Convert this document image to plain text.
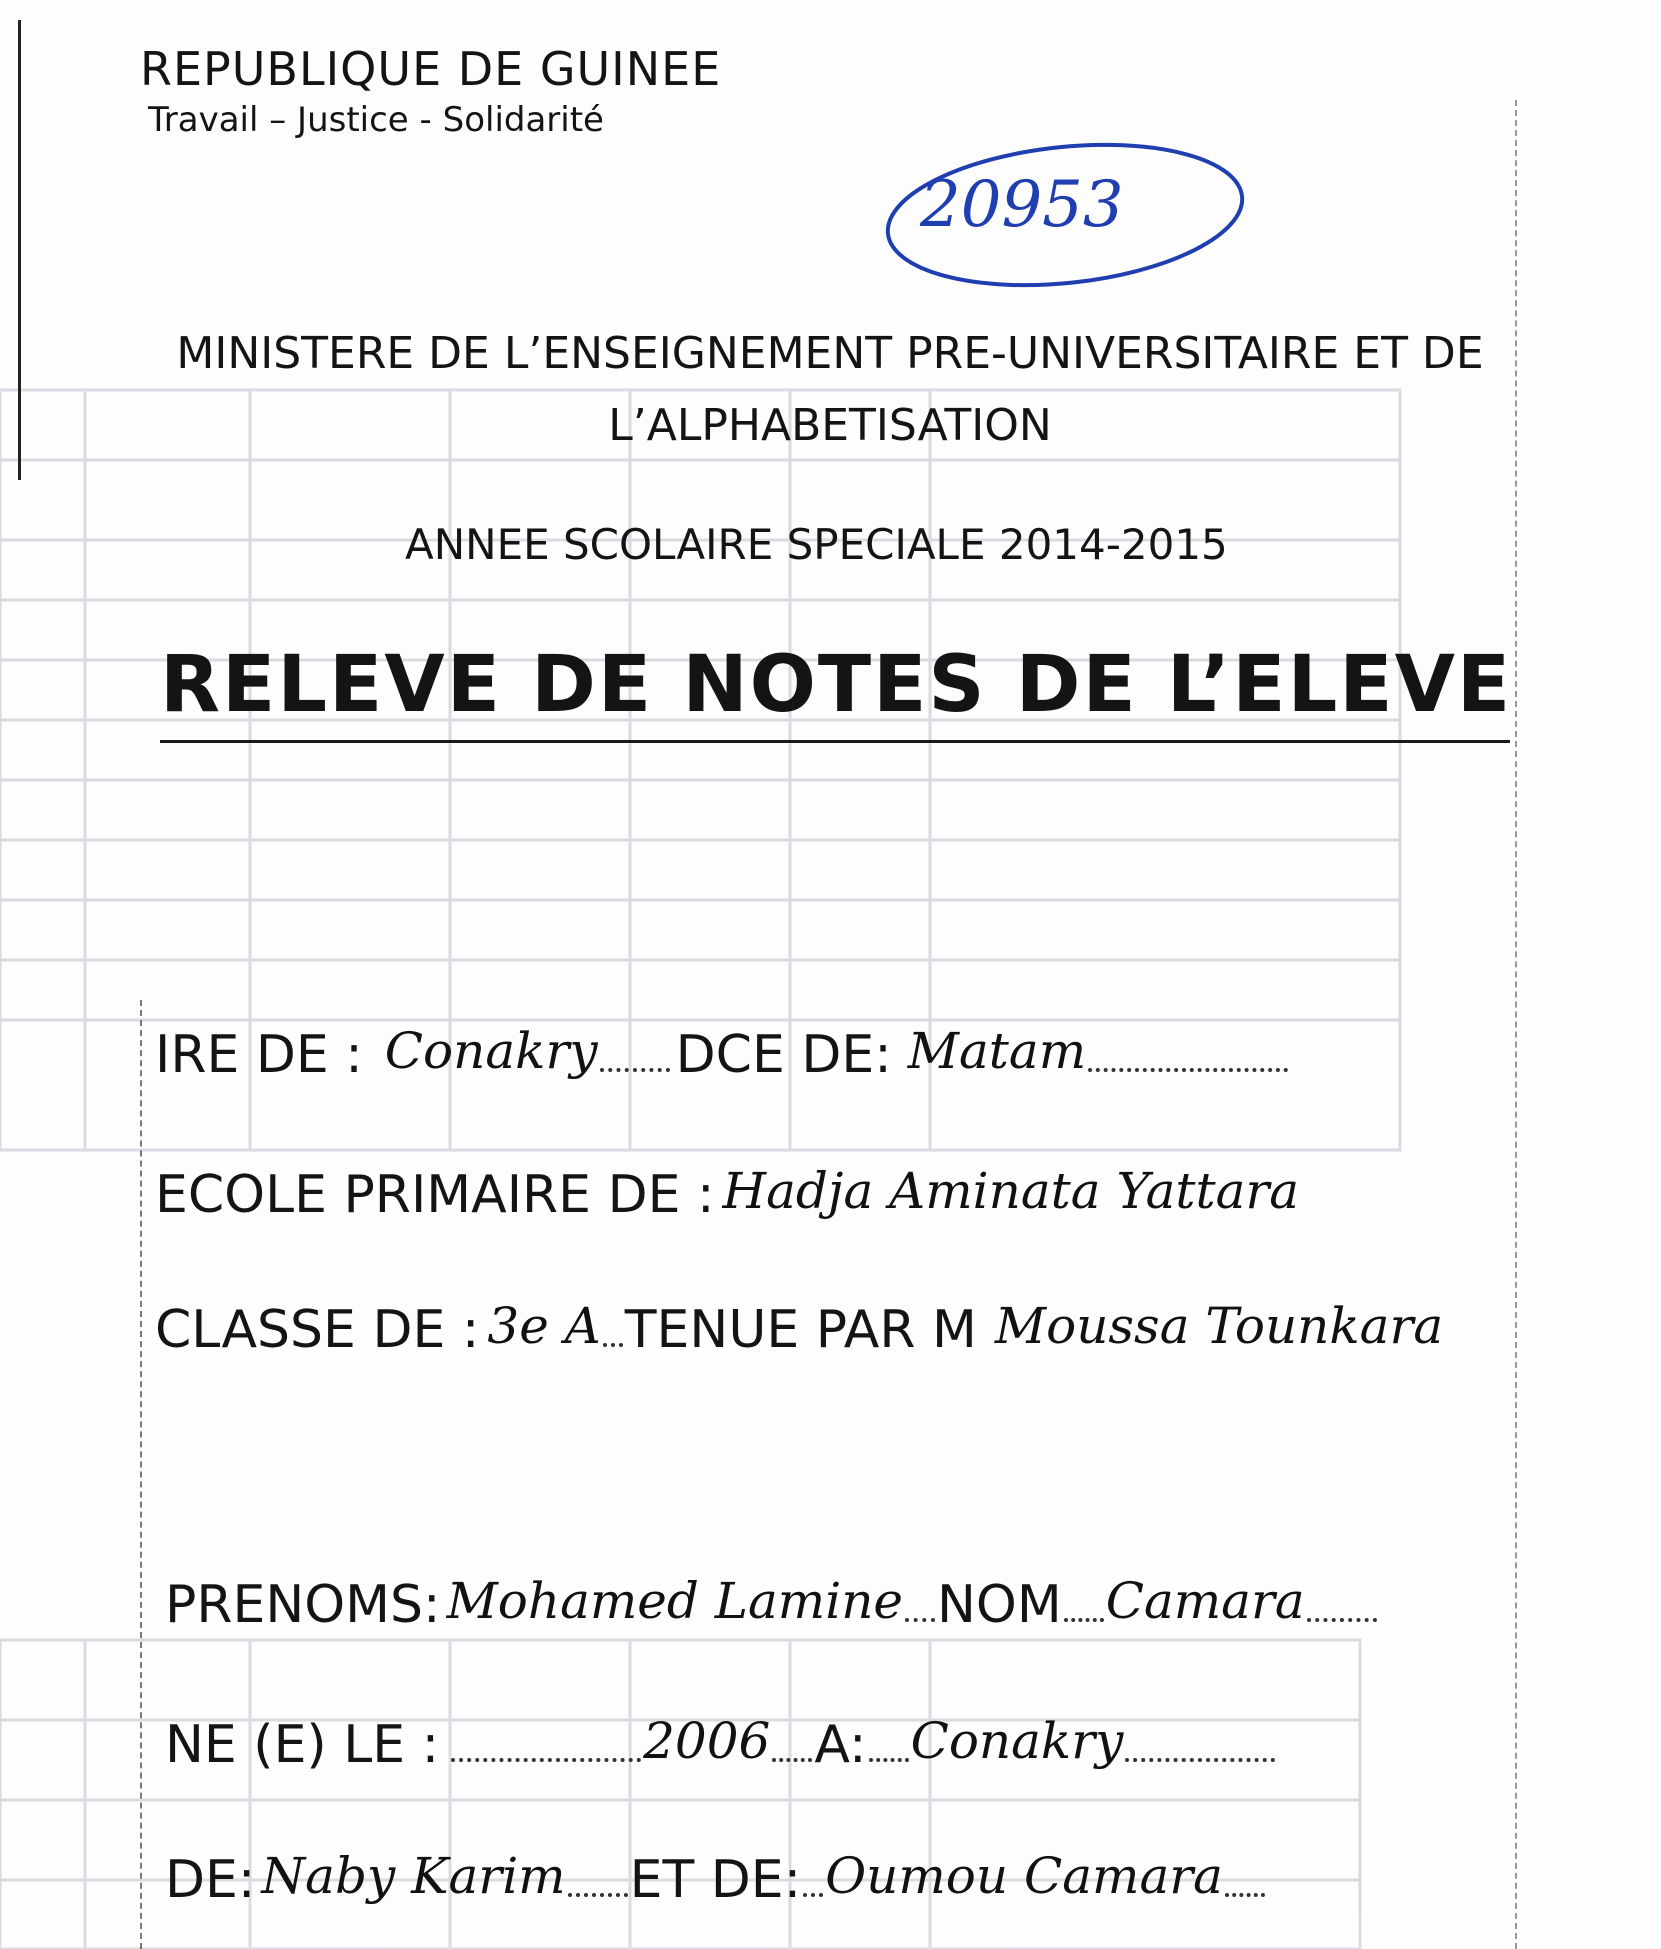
REPUBLIQUE DE GUINEE
Travail – Justice - Solidarité
20953
MINISTERE DE L’ENSEIGNEMENT PRE-UNIVERSITAIRE ET DE
L’ALPHABETISATION
ANNEE SCOLAIRE SPECIALE 2014-2015
RELEVE DE NOTES DE L’ELEVE
IRE DE : Conakry DCE DE: Matam
ECOLE PRIMAIRE DE : Hadja Aminata Yattara
CLASSE DE : 3e A TENUE PAR M Moussa Tounkara
PRENOMS: Mohamed Lamine NOM Camara
NE (E) LE :	2006 A: Conakry
DE: Naby Karim ET DE: Oumou Camara
